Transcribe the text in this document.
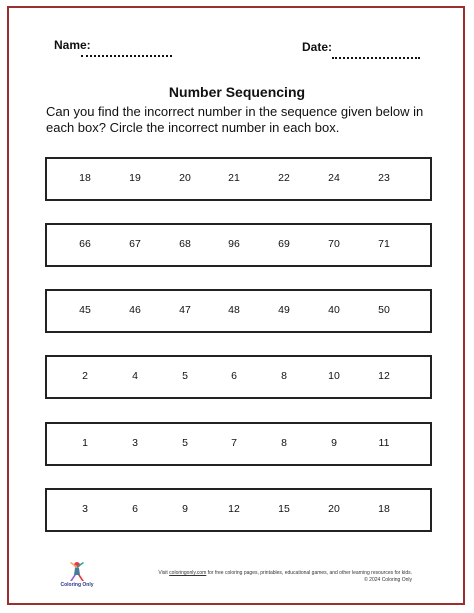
Name:	Date:
Number Sequencing
Can you find the incorrect number in the sequence given below in each box? Circle the incorrect number in each box.
18	19	20	21	22	24	23
66	67	68	96	69	70	71
45	46	47	48	49	40	50
2	4	5	6	8	10	12
1	3	5	7	8	9	11
3	6	9	12	15	20	18
Coloring Only
Visit coloringonly.com for free coloring pages, printables, educational games, and other learning resources for kids.
© 2024 Coloring Only
